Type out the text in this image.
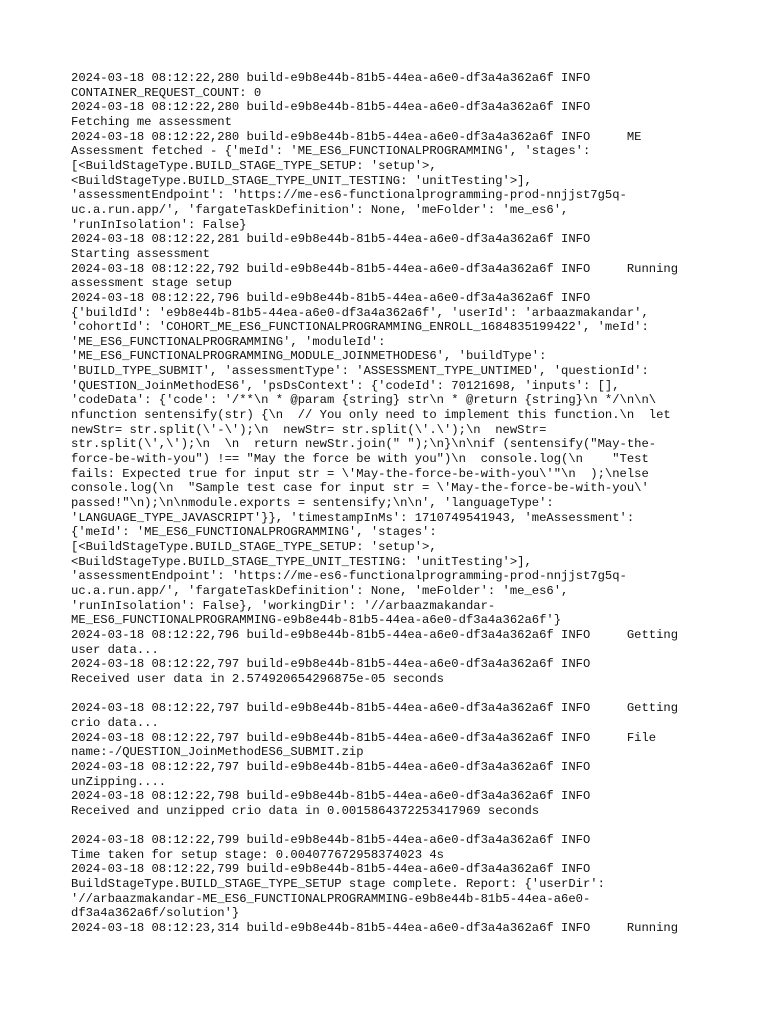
2024-03-18 08:12:22,280 build-e9b8e44b-81b5-44ea-a6e0-df3a4a362a6f INFO
CONTAINER_REQUEST_COUNT: 0
2024-03-18 08:12:22,280 build-e9b8e44b-81b5-44ea-a6e0-df3a4a362a6f INFO
Fetching me assessment
2024-03-18 08:12:22,280 build-e9b8e44b-81b5-44ea-a6e0-df3a4a362a6f INFO     ME
Assessment fetched - {'meId': 'ME_ES6_FUNCTIONALPROGRAMMING', 'stages':
[<BuildStageType.BUILD_STAGE_TYPE_SETUP: 'setup'>,
<BuildStageType.BUILD_STAGE_TYPE_UNIT_TESTING: 'unitTesting'>],
'assessmentEndpoint': 'https://me-es6-functionalprogramming-prod-nnjjst7g5q-
uc.a.run.app/', 'fargateTaskDefinition': None, 'meFolder': 'me_es6',
'runInIsolation': False}
2024-03-18 08:12:22,281 build-e9b8e44b-81b5-44ea-a6e0-df3a4a362a6f INFO
Starting assessment
2024-03-18 08:12:22,792 build-e9b8e44b-81b5-44ea-a6e0-df3a4a362a6f INFO     Running
assessment stage setup
2024-03-18 08:12:22,796 build-e9b8e44b-81b5-44ea-a6e0-df3a4a362a6f INFO
{'buildId': 'e9b8e44b-81b5-44ea-a6e0-df3a4a362a6f', 'userId': 'arbaazmakandar',
'cohortId': 'COHORT_ME_ES6_FUNCTIONALPROGRAMMING_ENROLL_1684835199422', 'meId':
'ME_ES6_FUNCTIONALPROGRAMMING', 'moduleId':
'ME_ES6_FUNCTIONALPROGRAMMING_MODULE_JOINMETHODES6', 'buildType':
'BUILD_TYPE_SUBMIT', 'assessmentType': 'ASSESSMENT_TYPE_UNTIMED', 'questionId':
'QUESTION_JoinMethodES6', 'psDsContext': {'codeId': 70121698, 'inputs': [],
'codeData': {'code': '/**\n * @param {string} str\n * @return {string}\n */\n\n\
nfunction sentensify(str) {\n  // You only need to implement this function.\n  let
newStr= str.split(\'-\');\n  newStr= str.split(\'.\');\n  newStr=
str.split(\',\');\n  \n  return newStr.join(" ");\n}\n\nif (sentensify("May-the-
force-be-with-you") !== "May the force be with you")\n  console.log(\n    "Test
fails: Expected true for input str = \'May-the-force-be-with-you\'"\n  );\nelse
console.log(\n  "Sample test case for input str = \'May-the-force-be-with-you\'
passed!"\n);\n\nmodule.exports = sentensify;\n\n', 'languageType':
'LANGUAGE_TYPE_JAVASCRIPT'}}, 'timestampInMs': 1710749541943, 'meAssessment':
{'meId': 'ME_ES6_FUNCTIONALPROGRAMMING', 'stages':
[<BuildStageType.BUILD_STAGE_TYPE_SETUP: 'setup'>,
<BuildStageType.BUILD_STAGE_TYPE_UNIT_TESTING: 'unitTesting'>],
'assessmentEndpoint': 'https://me-es6-functionalprogramming-prod-nnjjst7g5q-
uc.a.run.app/', 'fargateTaskDefinition': None, 'meFolder': 'me_es6',
'runInIsolation': False}, 'workingDir': '//arbaazmakandar-
ME_ES6_FUNCTIONALPROGRAMMING-e9b8e44b-81b5-44ea-a6e0-df3a4a362a6f'}
2024-03-18 08:12:22,796 build-e9b8e44b-81b5-44ea-a6e0-df3a4a362a6f INFO     Getting
user data...
2024-03-18 08:12:22,797 build-e9b8e44b-81b5-44ea-a6e0-df3a4a362a6f INFO
Received user data in 2.574920654296875e-05 seconds

2024-03-18 08:12:22,797 build-e9b8e44b-81b5-44ea-a6e0-df3a4a362a6f INFO     Getting
crio data...
2024-03-18 08:12:22,797 build-e9b8e44b-81b5-44ea-a6e0-df3a4a362a6f INFO     File
name:-/QUESTION_JoinMethodES6_SUBMIT.zip
2024-03-18 08:12:22,797 build-e9b8e44b-81b5-44ea-a6e0-df3a4a362a6f INFO
unZipping....
2024-03-18 08:12:22,798 build-e9b8e44b-81b5-44ea-a6e0-df3a4a362a6f INFO
Received and unzipped crio data in 0.0015864372253417969 seconds

2024-03-18 08:12:22,799 build-e9b8e44b-81b5-44ea-a6e0-df3a4a362a6f INFO
Time taken for setup stage: 0.004077672958374023 4s
2024-03-18 08:12:22,799 build-e9b8e44b-81b5-44ea-a6e0-df3a4a362a6f INFO
BuildStageType.BUILD_STAGE_TYPE_SETUP stage complete. Report: {'userDir':
'//arbaazmakandar-ME_ES6_FUNCTIONALPROGRAMMING-e9b8e44b-81b5-44ea-a6e0-
df3a4a362a6f/solution'}
2024-03-18 08:12:23,314 build-e9b8e44b-81b5-44ea-a6e0-df3a4a362a6f INFO     Running
